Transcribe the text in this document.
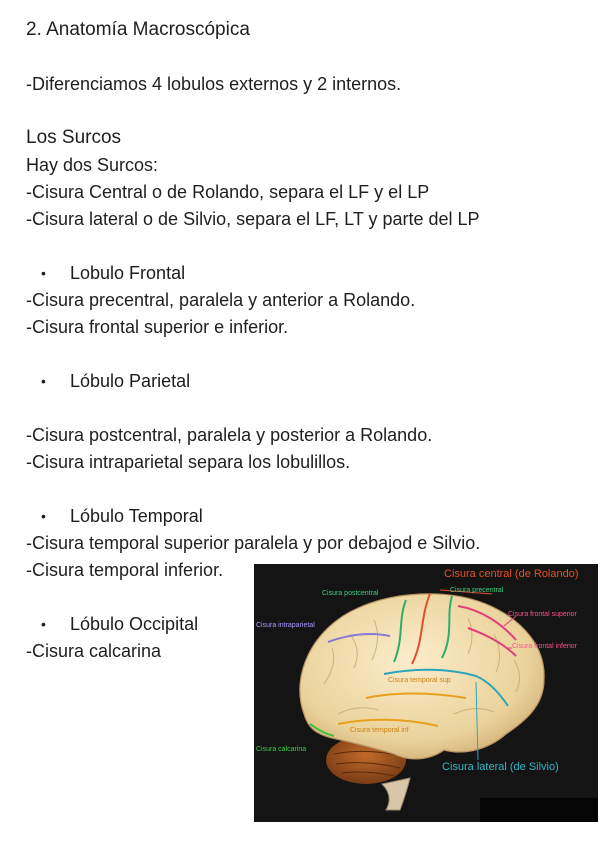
2. Anatomía Macroscópica
-Diferenciamos 4 lobulos externos y 2 internos.
Los Surcos
Hay dos Surcos:
-Cisura Central o de Rolando, separa el LF y el LP
-Cisura lateral o de Silvio, separa el LF, LT y parte del LP
• Lobulo Frontal
-Cisura precentral, paralela y anterior a Rolando.
-Cisura frontal superior e inferior.
• Lóbulo Parietal
-Cisura postcentral, paralela y posterior a Rolando.
-Cisura intraparietal separa los lobulillos.
• Lóbulo Temporal
-Cisura temporal superior paralela y por debajod e Silvio.
-Cisura temporal inferior.
• Lóbulo Occipital
-Cisura calcarina
Cisura central (de Rolando)
Cisura precentral
Cisura postcentral
Cisura frontal superior
Cisura frontal inferior
Cisura intraparietal
Cisura temporal sup
Cisura temporal inf
Cisura calcarina
Cisura lateral (de Silvio)
